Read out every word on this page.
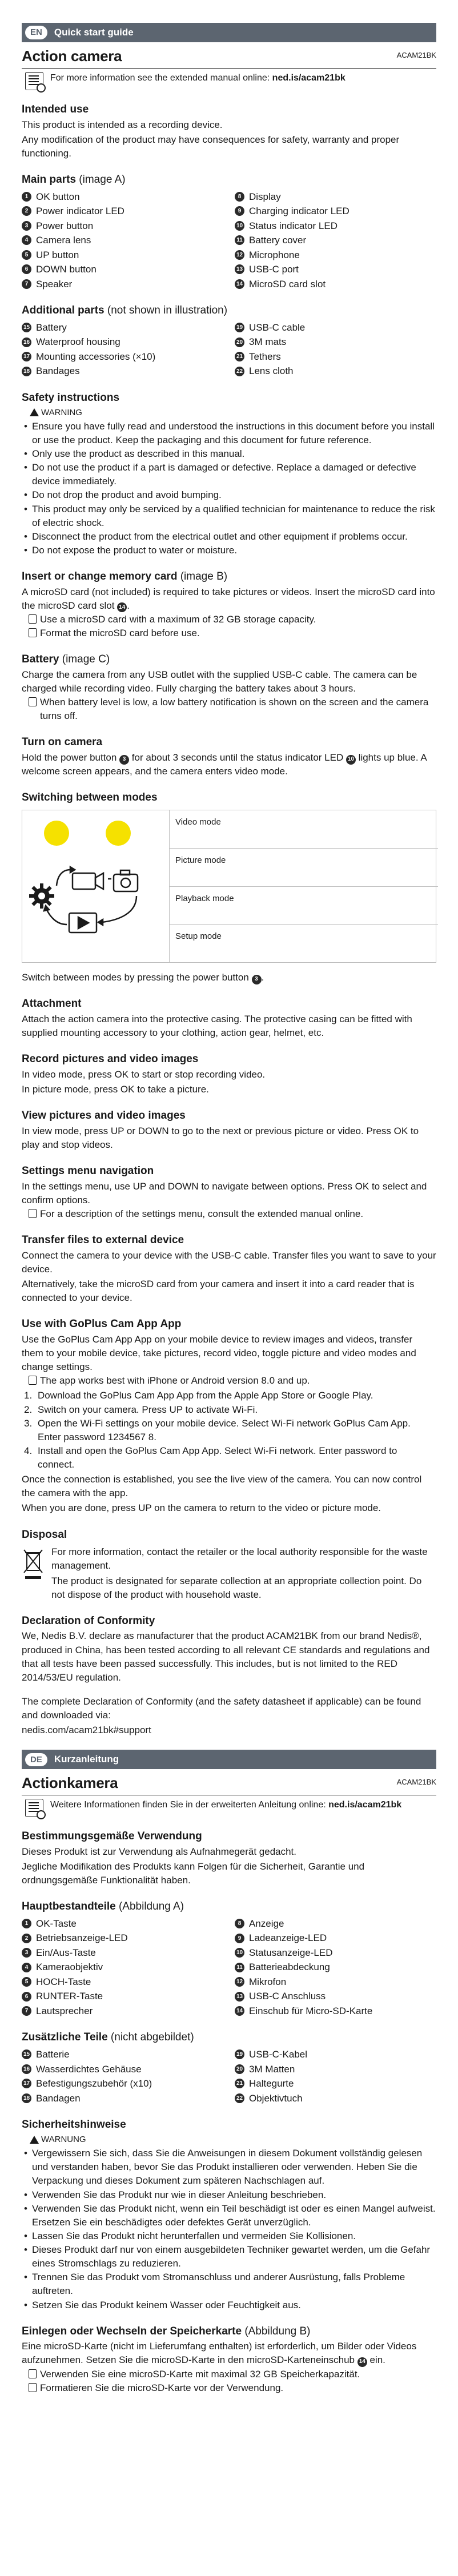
EN	Quick start guide
Action camera	ACAM21BK
For more information see the extended manual online: ned.is/acam21bk
Intended use

This product is intended as a recording device.

Any modification of the product may have consequences for safety, warranty and proper functioning.

Main parts (image A)
1 OK button
2 Power indicator LED
3 Power button
4 Camera lens
5 UP button
6 DOWN button
7 Speaker
8 Display
9 Charging indicator LED
10 Status indicator LED
11 Battery cover
12 Microphone
13 USB-C port
14 MicroSD card slot
Additional parts (not shown in illustration)
15 Battery
16 Waterproof housing
17 Mounting accessories (×10)
18 Bandages
19 USB-C cable
20 3M mats
21 Tethers
22 Lens cloth
Safety instructions
WARNING
• Ensure you have fully read and understood the instructions in this document before you install or use the product. Keep the packaging and this document for future reference.
• Only use the product as described in this manual.
• Do not use the product if a part is damaged or defective. Replace a damaged or defective device immediately.
• Do not drop the product and avoid bumping.
• This product may only be serviced by a qualified technician for maintenance to reduce the risk of electric shock.
• Disconnect the product from the electrical outlet and other equipment if problems occur.
• Do not expose the product to water or moisture.
Insert or change memory card (image B)

A microSD card (not included) is required to take pictures or videos. Insert the microSD card into the microSD card slot 14 .

Use a microSD card with a maximum of 32 GB storage capacity.
Format the microSD card before use.
Battery (image C)

Charge the camera from any USB outlet with the supplied USB-C cable. The camera can be charged while recording video. Fully charging the battery takes about 3 hours.

When battery level is low, a low battery notification is shown on the screen and the camera turns off.
Turn on camera

Hold the power button 3 for about 3 seconds until the status indicator LED 10 lights up blue. A welcome screen appears, and the camera enters video mode.

Switching between modes
Video mode
Picture mode
Playback mode
Setup mode

Switch between modes by pressing the power button 3 .

Attachment

Attach the action camera into the protective casing. The protective casing can be fitted with supplied mounting accessory to your clothing, action gear, helmet, etc.

Record pictures and video images

In video mode, press OK to start or stop recording video.

In picture mode, press OK to take a picture.

View pictures and video images

In view mode, press UP or DOWN to go to the next or previous picture or video. Press OK to play and stop videos.

Settings menu navigation

In the settings menu, use UP and DOWN to navigate between options. Press OK to select and confirm options.

For a description of the settings menu, consult the extended manual online.
Transfer files to external device

Connect the camera to your device with the USB-C cable. Transfer files you want to save to your device.

Alternatively, take the microSD card from your camera and insert it into a card reader that is connected to your device.

Use with GoPlus Cam App App

Use the GoPlus Cam App App on your mobile device to review images and videos, transfer them to your mobile device, take pictures, record video, toggle picture and video modes and change settings.

The app works best with iPhone or Android version 8.0 and up.
1. Download the GoPlus Cam App App from the Apple App Store or Google Play.
2. Switch on your camera. Press UP to activate Wi-Fi.
3. Open the Wi-Fi settings on your mobile device. Select Wi-Fi network GoPlus Cam App. Enter password 1234567 8.
4. Install and open the GoPlus Cam App App. Select Wi-Fi network. Enter password to connect.

Once the connection is established, you see the live view of the camera. You can now control the camera with the app.

When you are done, press UP on the camera to return to the video or picture mode.

Disposal

For more information, contact the retailer or the local authority responsible for the waste management.

The product is designated for separate collection at an appropriate collection point. Do not dispose of the product with household waste.

Declaration of Conformity

We, Nedis B.V. declare as manufacturer that the product ACAM21BK from our brand Nedis®, produced in China, has been tested according to all relevant CE standards and regulations and that all tests have been passed successfully. This includes, but is not limited to the RED 2014/53/EU regulation.

The complete Declaration of Conformity (and the safety datasheet if applicable) can be found and downloaded via:

nedis.com/acam21bk#support

DE	Kurzanleitung
Actionkamera	ACAM21BK
Weitere Informationen finden Sie in der erweiterten Anleitung online: ned.is/acam21bk
Bestimmungsgemäße Verwendung

Dieses Produkt ist zur Verwendung als Aufnahmegerät gedacht.

Jegliche Modifikation des Produkts kann Folgen für die Sicherheit, Garantie und ordnungsgemäße Funktionalität haben.

Hauptbestandteile (Abbildung A)
1 OK-Taste
2 Betriebsanzeige-LED
3 Ein/Aus-Taste
4 Kameraobjektiv
5 HOCH-Taste
6 RUNTER-Taste
7 Lautsprecher
8 Anzeige
9 Ladeanzeige-LED
10 Statusanzeige-LED
11 Batterieabdeckung
12 Mikrofon
13 USB-C Anschluss
14 Einschub für Micro-SD-Karte
Zusätzliche Teile (nicht abgebildet)
15 Batterie
16 Wasserdichtes Gehäuse
17 Befestigungszubehör (x10)
18 Bandagen
19 USB-C-Kabel
20 3M Matten
21 Haltegurte
22 Objektivtuch
Sicherheitshinweise
WARNUNG
• Vergewissern Sie sich, dass Sie die Anweisungen in diesem Dokument vollständig gelesen und verstanden haben, bevor Sie das Produkt installieren oder verwenden. Heben Sie die Verpackung und dieses Dokument zum späteren Nachschlagen auf.
• Verwenden Sie das Produkt nur wie in dieser Anleitung beschrieben.
• Verwenden Sie das Produkt nicht, wenn ein Teil beschädigt ist oder es einen Mangel aufweist. Ersetzen Sie ein beschädigtes oder defektes Gerät unverzüglich.
• Lassen Sie das Produkt nicht herunterfallen und vermeiden Sie Kollisionen.
• Dieses Produkt darf nur von einem ausgebildeten Techniker gewartet werden, um die Gefahr eines Stromschlags zu reduzieren.
• Trennen Sie das Produkt vom Stromanschluss und anderer Ausrüstung, falls Probleme auftreten.
• Setzen Sie das Produkt keinem Wasser oder Feuchtigkeit aus.
Einlegen oder Wechseln der Speicherkarte (Abbildung B)

Eine microSD-Karte (nicht im Lieferumfang enthalten) ist erforderlich, um Bilder oder Videos aufzunehmen. Setzen Sie die microSD-Karte in den microSD-Karteneinschub 14 ein.

Verwenden Sie eine microSD-Karte mit maximal 32 GB Speicherkapazität.
Formatieren Sie die microSD-Karte vor der Verwendung.
